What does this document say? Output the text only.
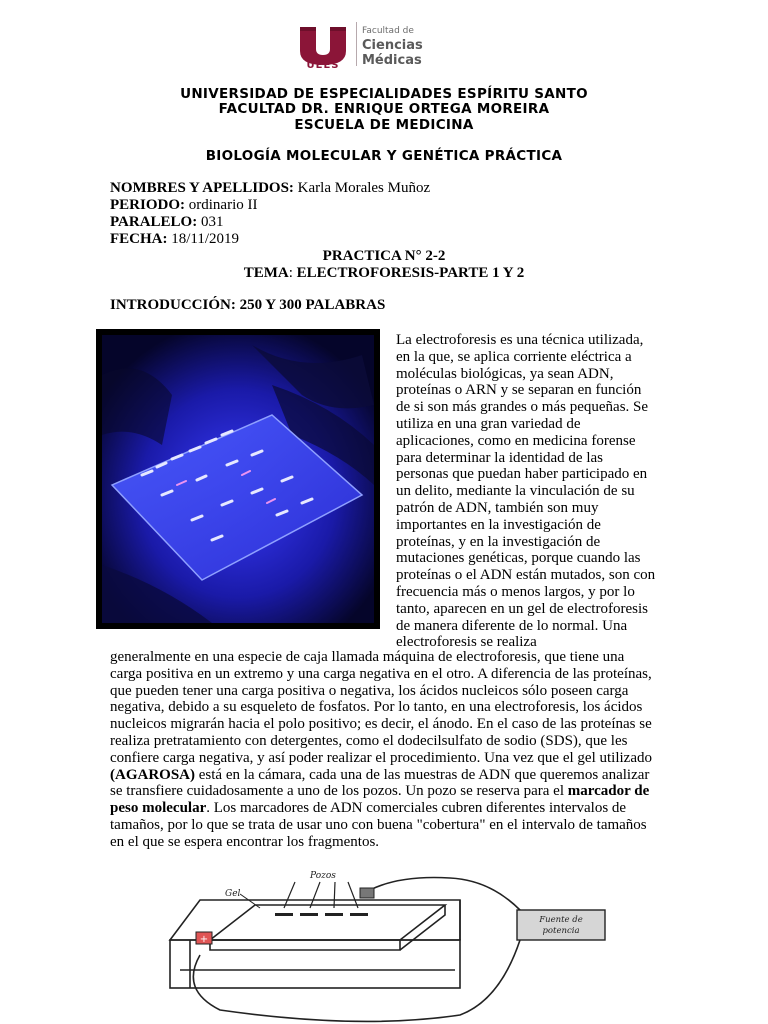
UEES
Facultad de
Ciencias Médicas
UNIVERSIDAD DE ESPECIALIDADES ESPÍRITU SANTO
FACULTAD DR. ENRIQUE ORTEGA MOREIRA
ESCUELA DE MEDICINA
BIOLOGÍA MOLECULAR Y GENÉTICA PRÁCTICA
NOMBRES Y APELLIDOS: Karla Morales Muñoz
PERIODO: ordinario II
PARALELO: 031
FECHA: 18/11/2019
PRACTICA N° 2-2
TEMA: ELECTROFORESIS-PARTE 1 Y 2
INTRODUCCIÓN: 250 Y 300 PALABRAS
La electroforesis es una técnica utilizada, en la que, se aplica corriente eléctrica a moléculas biológicas, ya sean ADN, proteínas o ARN y se separan en función de si son más grandes o más pequeñas. Se utiliza en una gran variedad de aplicaciones, como en medicina forense para determinar la identidad de las personas que puedan haber participado en un delito, mediante la vinculación de su patrón de ADN, también son muy importantes en la investigación de proteínas, y en la investigación de mutaciones genéticas, porque cuando las proteínas o el ADN están mutados, son con frecuencia más o menos largos, y por lo tanto, aparecen en un gel de electroforesis de manera diferente de lo normal. Una electroforesis se realiza
generalmente en una especie de caja llamada máquina de electroforesis, que tiene una carga positiva en un extremo y una carga negativa en el otro. A diferencia de las proteínas, que pueden tener una carga positiva o negativa, los ácidos nucleicos sólo poseen carga negativa, debido a su esqueleto de fosfatos. Por lo tanto, en una electroforesis, los ácidos nucleicos migrarán hacia el polo positivo; es decir, el ánodo. En el caso de las proteínas se realiza pretratamiento con detergentes, como el dodecilsulfato de sodio (SDS), que les confiere carga negativa, y así poder realizar el procedimiento. Una vez que el gel utilizado (AGAROSA) está en la cámara, cada una de las muestras de ADN que queremos analizar se transfiere cuidadosamente a uno de los pozos. Un pozo se reserva para el marcador de peso molecular. Los marcadores de ADN comerciales cubren diferentes intervalos de tamaños, por lo que se trata de usar uno con buena "cobertura" en el intervalo de tamaños en el que se espera encontrar los fragmentos.
+
Fuente de
potencia
Gel
Pozos
